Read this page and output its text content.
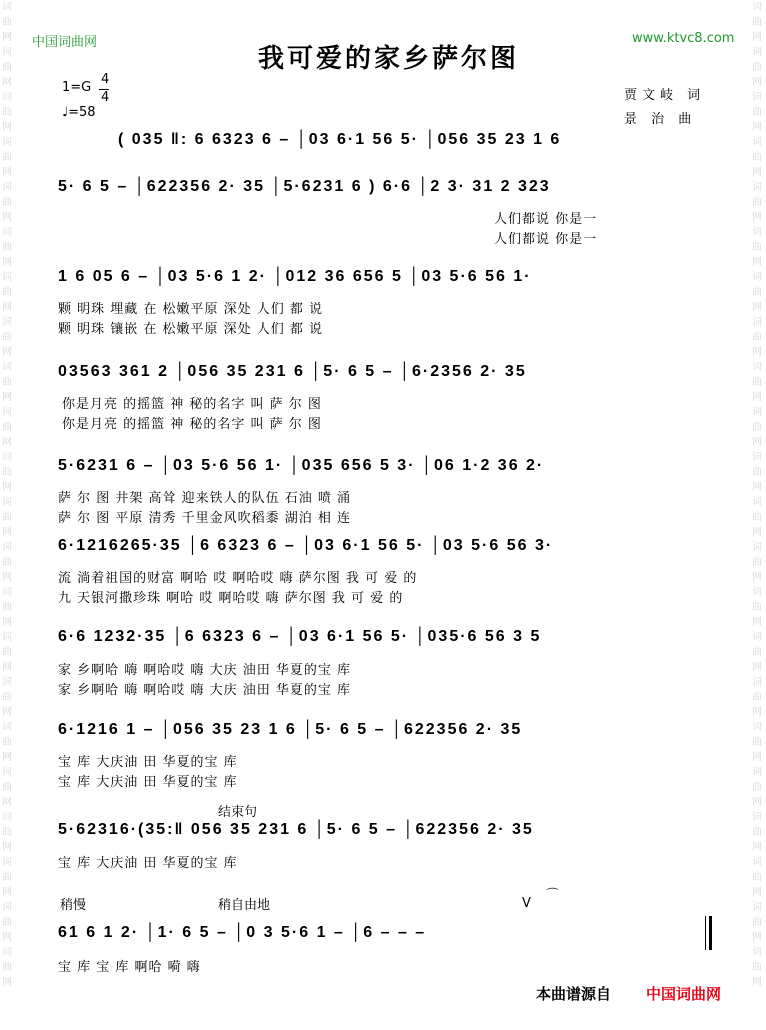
词曲网 词曲网 词曲网 词曲网 词曲网 词曲网 词曲网 词曲网 词曲网 词曲网 词曲网 词曲网 词曲网 词曲网 词曲网 词曲网 词曲网 词曲网 词曲网 词曲网 词曲网 词曲网
词曲网 词曲网 词曲网 词曲网 词曲网 词曲网 词曲网 词曲网 词曲网 词曲网 词曲网 词曲网 词曲网 词曲网 词曲网 词曲网 词曲网 词曲网 词曲网 词曲网 词曲网 词曲网
中国词曲网	www.ktvc8.com
我可爱的家乡萨尔图
1=G
4
4
♩=58
贾文岐 词
景 治 曲
( 035 ‖: 6 6323 6 – │03 6·1 56 5· │056 35 23 1 6
5· 6 5 – │622356 2· 35 │5·6231 6 ) 6·6 │2 3· 31 2 323
人们都说 你是一
人们都说 你是一
1 6 05 6 – │03 5·6 1 2· │012 36 656 5 │03 5·6 56 1·
颗 明珠 埋藏 在 松嫩平原 深处 人们 都 说
颗 明珠 镶嵌 在 松嫩平原 深处 人们 都 说
03563 361 2 │056 35 231 6 │5· 6 5 – │6·2356 2· 35
你是月亮 的摇篮 神 秘的名字 叫 萨 尔 图
你是月亮 的摇篮 神 秘的名字 叫 萨 尔 图
5·6231 6 – │03 5·6 56 1· │035 656 5 3· │06 1·2 36 2·
萨 尔 图 井架 高耸 迎来铁人的队伍 石油 喷 涌
萨 尔 图 平原 清秀 千里金风吹稻黍 湖泊 相 连
6·1216265·35 │6 6323 6 – │03 6·1 56 5· │03 5·6 56 3·
流 淌着祖国的财富 啊哈 哎 啊哈哎 嗨 萨尔图 我 可 爱 的
九 天银河撒珍珠 啊哈 哎 啊哈哎 嗨 萨尔图 我 可 爱 的
6·6 1232·35 │6 6323 6 – │03 6·1 56 5· │035·6 56 3 5
家 乡啊哈 嗨 啊哈哎 嗨 大庆 油田 华夏的宝 库
家 乡啊哈 嗨 啊哈哎 嗨 大庆 油田 华夏的宝 库
6·1216 1 – │056 35 23 1 6 │5· 6 5 – │622356 2· 35
宝 库 大庆油 田 华夏的宝 库
宝 库 大庆油 田 华夏的宝 库
结束句
5·62316·(35:‖ 056 35 231 6 │5· 6 5 – │622356 2· 35
宝 库 大庆油 田 华夏的宝 库
稍慢	稍自由地	V
⌒
61 6 1 2· │1· 6 5 – │0 3 5·6 1 – │6 – – –
宝 库 宝 库 啊哈 嗬 嗨
本曲谱源自 中国词曲网
